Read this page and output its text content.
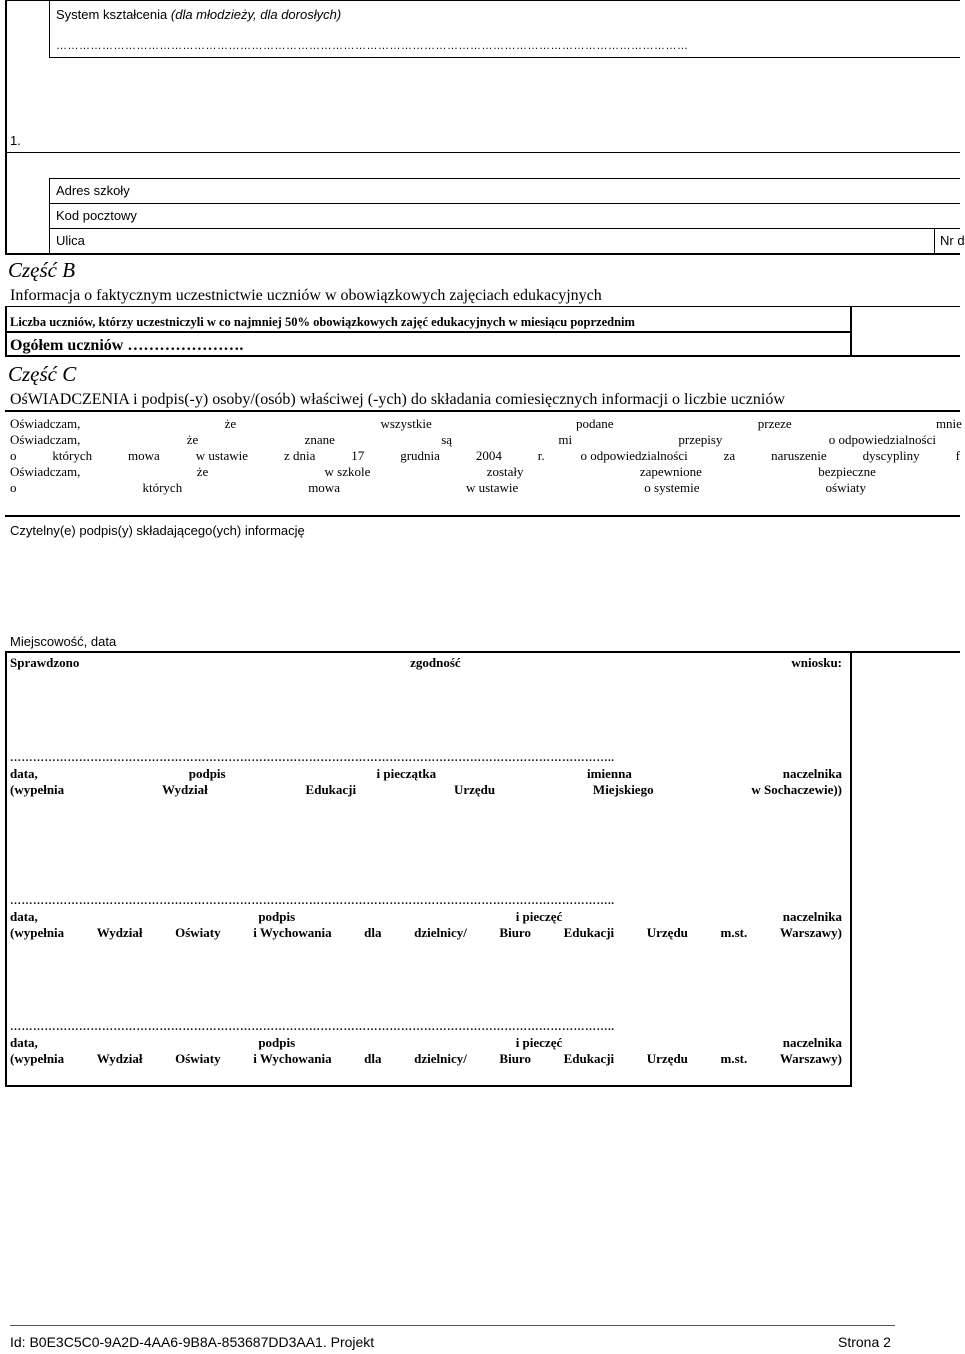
System kształcenia (dla młodzieży, dla dorosłych)
…………………………………………………………………………………………………………………………………………………
1.
Adres szkoły
Kod pocztowy
Ulica	Nr d
Część B
Informacja o faktycznym uczestnictwie uczniów w obowiązkowych zajęciach edukacyjnych
Liczba uczniów, którzy uczestniczyli w co najmniej 50% obowiązkowych zajęć edukacyjnych w miesiącu poprzednim
Ogółem uczniów ………………….
Część C
OśWIADCZENIA i podpis(-y) osoby/(osób) właściwej (-ych) do składania comiesięcznych informacji o liczbie uczniów
Oświadczam,	że	wszystkie	podane	przeze	mnie
Oświadczam,	że	znane	są	mi	przepisy	o odpowiedzialności
o	których	mowa	w ustawie	z dnia	17	grudnia	2004	r.	o odpowiedzialności	za	naruszenie	dyscypliny	f
Oświadczam,	że	w szkole	zostały	zapewnione	bezpieczne
o	których	mowa	w ustawie	o systemie	oświaty
Czytelny(e) podpis(y) składającego(ych) informację
Miejscowość, data
Sprawdzono	zgodność	wniosku:
…………………………………………………………………………………………………………………………………………..
data,	podpis	i pieczątka	imienna	naczelnika
(wypełnia	Wydział	Edukacji	Urzędu	Miejskiego	w Sochaczewie))
…………………………………………………………………………………………………………………………………………..
data,	podpis	i pieczęć	naczelnika
(wypełnia	Wydział	Oświaty	i Wychowania	dla	dzielnicy/	Biuro	Edukacji	Urzędu	m.st.	Warszawy)
…………………………………………………………………………………………………………………………………………..
data,	podpis	i pieczęć	naczelnika
(wypełnia	Wydział	Oświaty	i Wychowania	dla	dzielnicy/	Biuro	Edukacji	Urzędu	m.st.	Warszawy)
Id: B0E3C5C0-9A2D-4AA6-9B8A-853687DD3AA1. Projekt	Strona 2
